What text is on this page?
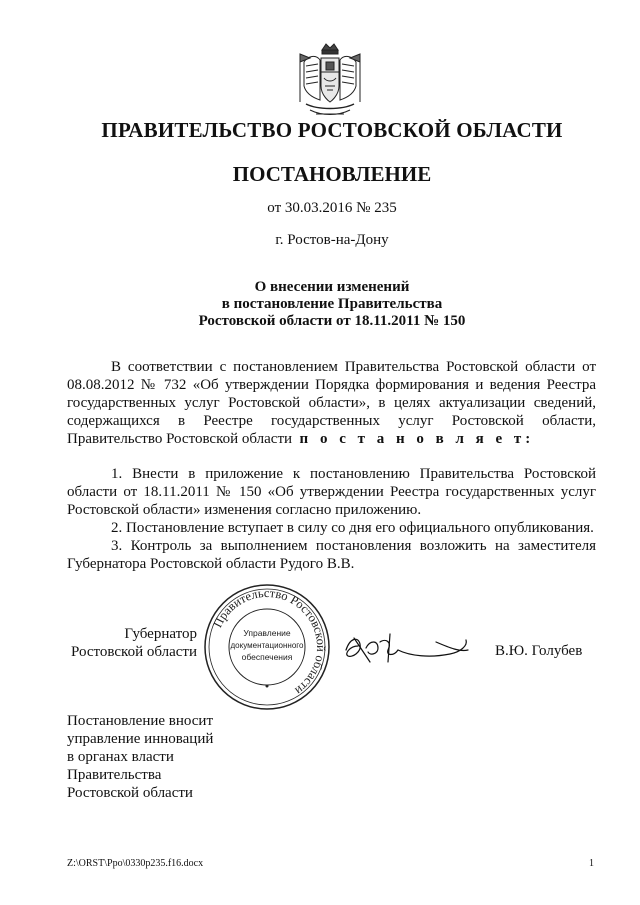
ПРАВИТЕЛЬСТВО РОСТОВСКОЙ ОБЛАСТИ
ПОСТАНОВЛЕНИЕ
от 30.03.2016 № 235
г. Ростов-на-Дону
О внесении изменений
в постановление Правительства
Ростовской области от 18.11.2011 № 150
В соответствии с постановлением Правительства Ростовской области от 08.08.2012 № 732 «Об утверждении Порядка формирования и ведения Реестра государственных услуг Ростовской области», в целях актуализации сведений, содержащихся в Реестре государственных услуг Ростовской области, Правительство Ростовской области п о с т а н о в л я е т:
1. Внести в приложение к постановлению Правительства Ростовской области от 18.11.2011 № 150 «Об утверждении Реестра государственных услуг Ростовской области» изменения согласно приложению.
2. Постановление вступает в силу со дня его официального опубликования.
3. Контроль за выполнением постановления возложить на заместителя Губернатора Ростовской области Рудого В.В.
Губернатор
Ростовской области
Правительство Ростовской области
Управление
документационного
обеспечения	В.Ю. Голубев
Постановление вносит
управление инноваций
в органах власти
Правительства
Ростовской области
Z:\ORST\Ppo\0330p235.f16.docx	1
